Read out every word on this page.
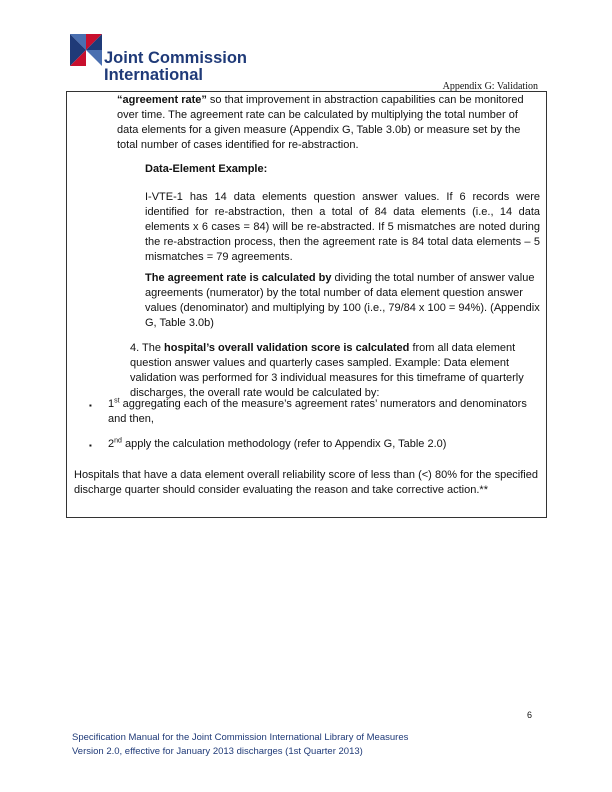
Joint Commission
International
Appendix G: Validation
“agreement rate” so that improvement in abstraction capabilities can be monitored over time. The agreement rate can be calculated by multiplying the total number of data elements for a given measure (Appendix G, Table 3.0b) or measure set by the total number of cases identified for re-abstraction.
Data-Element Example:
I-VTE-1 has 14 data elements question answer values. If 6 records were identified for re-abstraction, then a total of 84 data elements (i.e., 14 data elements x 6 cases = 84) will be re-abstracted. If 5 mismatches are noted during the re-abstraction process, then the agreement rate is 84 total data elements – 5 mismatches = 79 agreements.
The agreement rate is calculated by dividing the total number of answer value agreements (numerator) by the total number of data element question answer values (denominator) and multiplying by 100 (i.e., 79/84 x 100 = 94%). (Appendix G, Table 3.0b)
4. The hospital’s overall validation score is calculated from all data element question answer values and quarterly cases sampled. Example: Data element validation was performed for 3 individual measures for this timeframe of quarterly discharges, the overall rate would be calculated by:
▪	1st aggregating each of the measure’s agreement rates’ numerators and denominators and then,
▪	2nd apply the calculation methodology (refer to Appendix G, Table 2.0)
Hospitals that have a data element overall reliability score of less than (<) 80% for the specified discharge quarter should consider evaluating the reason and take corrective action.**
6
Specification Manual for the Joint Commission International Library of Measures
Version 2.0, effective for January 2013 discharges (1st Quarter 2013)
